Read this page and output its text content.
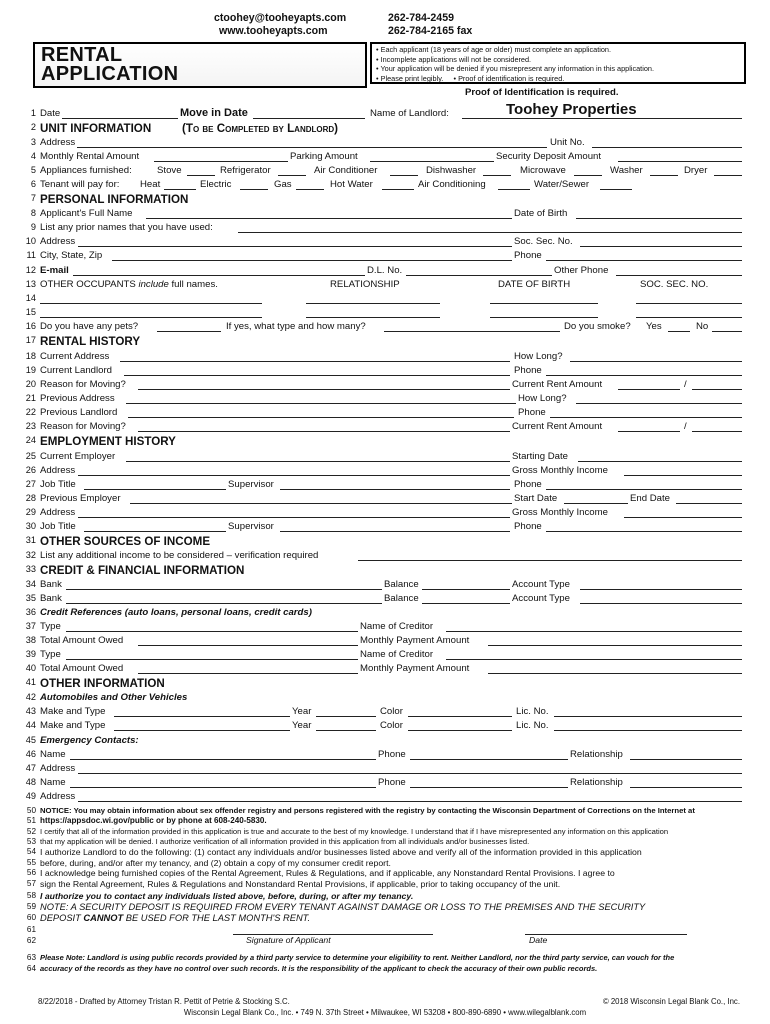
ctoohey@tooheyapts.com
www.tooheyapts.com
262-784-2459
262-784-2165 fax
RENTAL
APPLICATION
• Each applicant (18 years of age or older) must complete an application.
• Incomplete applications will not be considered.
• Your application will be denied if you misrepresent any information in this application.
• Please print legibly.     • Proof of identification is required.
Proof of Identification is required.
1
2
3
4
5
6
7
8
9
10
11
12
13
14
15
16
17
18
19
20
21
22
23
24
25
26
27
28
29
30
31
32
33
34
35
36
37
38
39
40
41
42
43
44
45
46
47
48
49
50
51
52
53
54
55
56
57
58
59
60
61
62
63
64
Date	Move in Date	Name of Landlord:	Toohey Properties
UNIT INFORMATION	(To be Completed by Landlord)
Address	Unit No.
Monthly Rental Amount	Parking Amount	Security Deposit Amount
Appliances furnished:	Stove	Refrigerator	Air Conditioner	Dishwasher	Microwave	Washer	Dryer
Tenant will pay for: Heat	Electric	Gas	Hot Water	Air Conditioning	Water/Sewer
PERSONAL INFORMATION
Applicant's Full Name	Date of Birth
List any prior names that you have used:
Address	Soc. Sec. No.
City, State, Zip	Phone
E-mail	D.L. No.	Other Phone
OTHER OCCUPANTS include full names.	RELATIONSHIP	DATE OF BIRTH	SOC. SEC. NO.
Do you have any pets?	If yes, what type and how many?	Do you smoke? Yes	No
RENTAL HISTORY
Current Address	How Long?
Current Landlord	Phone
Reason for Moving?	Current Rent Amount	/
Previous Address	How Long?
Previous Landlord	Phone
Reason for Moving?	Current Rent Amount	/
EMPLOYMENT HISTORY
Current Employer	Starting Date
Address	Gross Monthly Income
Job Title	Supervisor	Phone
Previous Employer	Start Date	End Date
Address	Gross Monthly Income
Job Title	Supervisor	Phone
OTHER SOURCES OF INCOME
List any additional income to be considered – verification required
CREDIT & FINANCIAL INFORMATION
Bank	Balance	Account Type
Bank	Balance	Account Type
Credit References (auto loans, personal loans, credit cards)
Type	Name of Creditor
Total Amount Owed	Monthly Payment Amount
Type	Name of Creditor
Total Amount Owed	Monthly Payment Amount
OTHER INFORMATION
Automobiles and Other Vehicles
Make and Type	Year	Color	Lic. No.
Make and Type	Year	Color	Lic. No.
Emergency Contacts:
Name	Phone	Relationship
Address
Name	Phone	Relationship
Address
NOTICE: You may obtain information about sex offender registry and persons registered with the registry by contacting the Wisconsin Department of Corrections on the Internet at
https://appsdoc.wi.gov/public or by phone at 608-240-5830.
I certify that all of the information provided in this application is true and accurate to the best of my knowledge. I understand that if I have misrepresented any information on this application
that my application will be denied. I authorize verification of all information provided in this application from all individuals and/or businesses listed.
I authorize Landlord to do the following: (1) contact any individuals and/or businesses listed above and verify all of the information provided in this application
before, during, and/or after my tenancy, and (2) obtain a copy of my consumer credit report.
I acknowledge being furnished copies of the Rental Agreement, Rules & Regulations, and if applicable, any Nonstandard Rental Provisions. I agree to
sign the Rental Agreement, Rules & Regulations and Nonstandard Rental Provisions, if applicable, prior to taking occupancy of the unit.
I authorize you to contact any individuals listed above, before, during, or after my tenancy.
NOTE: A SECURITY DEPOSIT IS REQUIRED FROM EVERY TENANT AGAINST DAMAGE OR LOSS TO THE PREMISES AND THE SECURITY
DEPOSIT CANNOT BE USED FOR THE LAST MONTH'S RENT.
Signature of Applicant	Date
Please Note: Landlord is using public records provided by a third party service to determine your eligibility to rent. Neither Landlord, nor the third party service, can vouch for the
accuracy of the records as they have no control over such records. It is the responsibility of the applicant to check the accuracy of their own public records.
8/22/2018 - Drafted by Attorney Tristan R. Pettit of Petrie & Stocking S.C.	© 2018 Wisconsin Legal Blank Co., Inc.
Wisconsin Legal Blank Co., Inc. • 749 N. 37th Street • Milwaukee, WI 53208 • 800-890-6890 • www.wilegalblank.com
